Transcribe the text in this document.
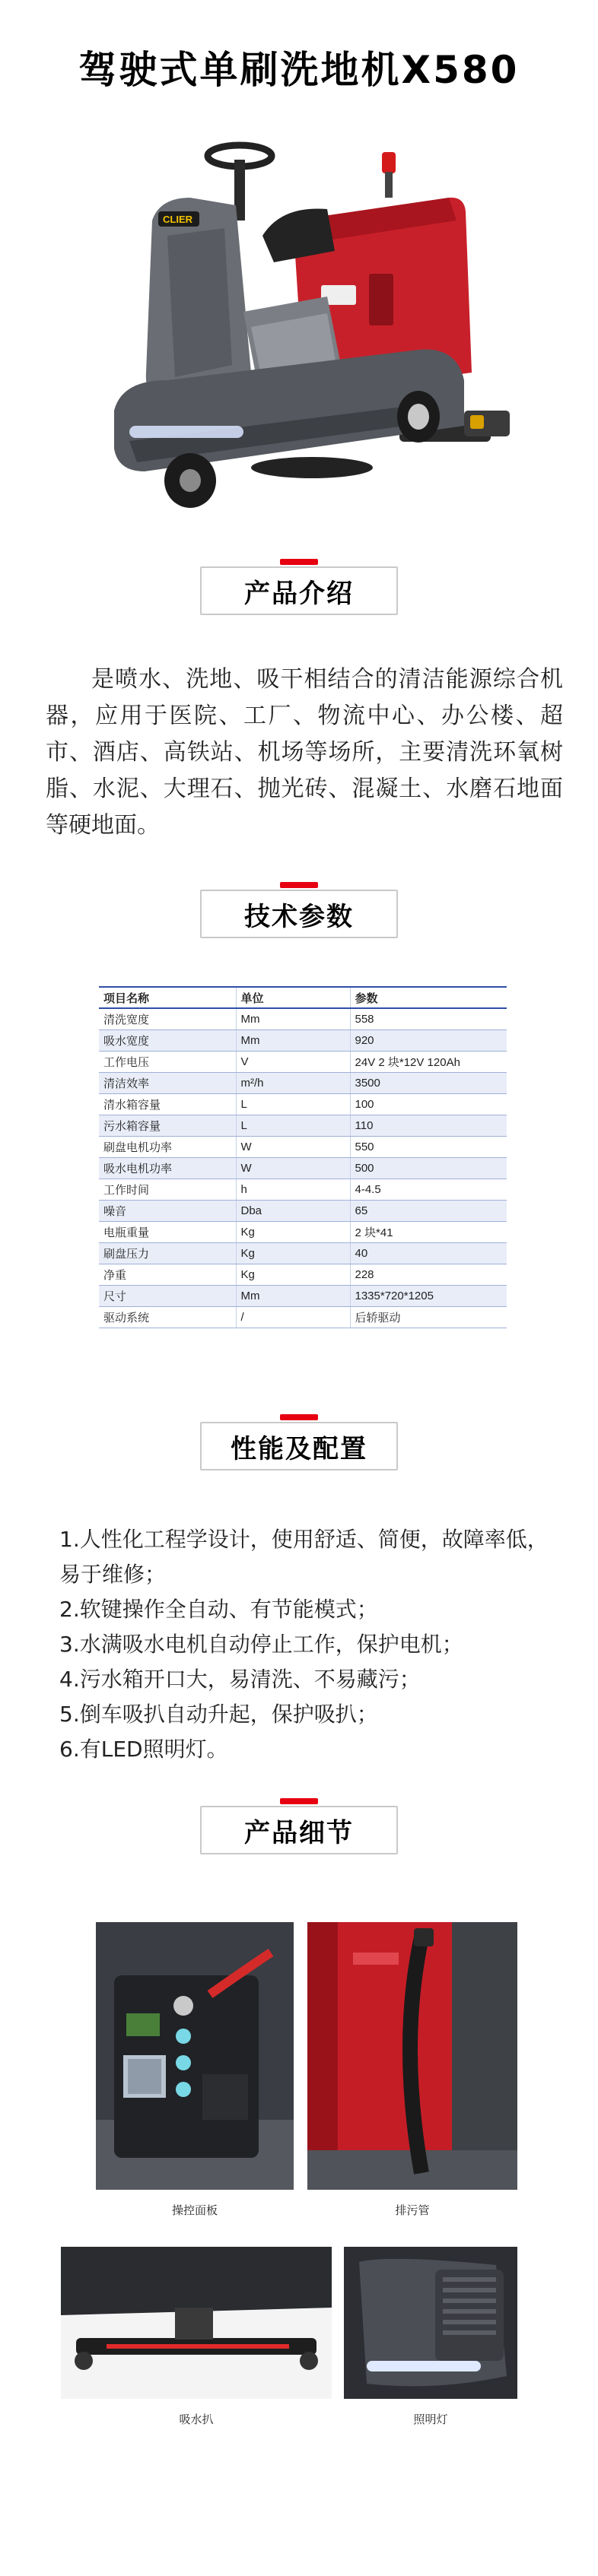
驾驶式单刷洗地机X580
CLIER
产品介绍

是喷水、洗地、吸干相结合的清洁能源综合机器，应用于医院、工厂、物流中心、办公楼、超市、酒店、高铁站、机场等场所，主要清洗环氧树脂、水泥、大理石、抛光砖、混凝土、水磨石地面等硬地面。

技术参数
项目名称	单位	参数
清洗宽度	Mm	558
吸水宽度	Mm	920
工作电压	V	24V 2 块*12V 120Ah
清洁效率	m²/h	3500
清水箱容量	L	100
污水箱容量	L	110
刷盘电机功率	W	550
吸水电机功率	W	500
工作时间	h	4-4.5
噪音	Dba	65
电瓶重量	Kg	2 块*41
刷盘压力	Kg	40
净重	Kg	228
尺寸	Mm	1335*720*1205
驱动系统	/	后轿驱动
性能及配置
1.人性化工程学设计，使用舒适、简便，故障率低，易于维修；
2.软键操作全自动、有节能模式；
3.水满吸水电机自动停止工作，保护电机；
4.污水箱开口大，易清洗、不易藏污；
5.倒车吸扒自动升起，保护吸扒；
6.有LED照明灯。
产品细节
操控面板	排污管
吸水扒	照明灯
